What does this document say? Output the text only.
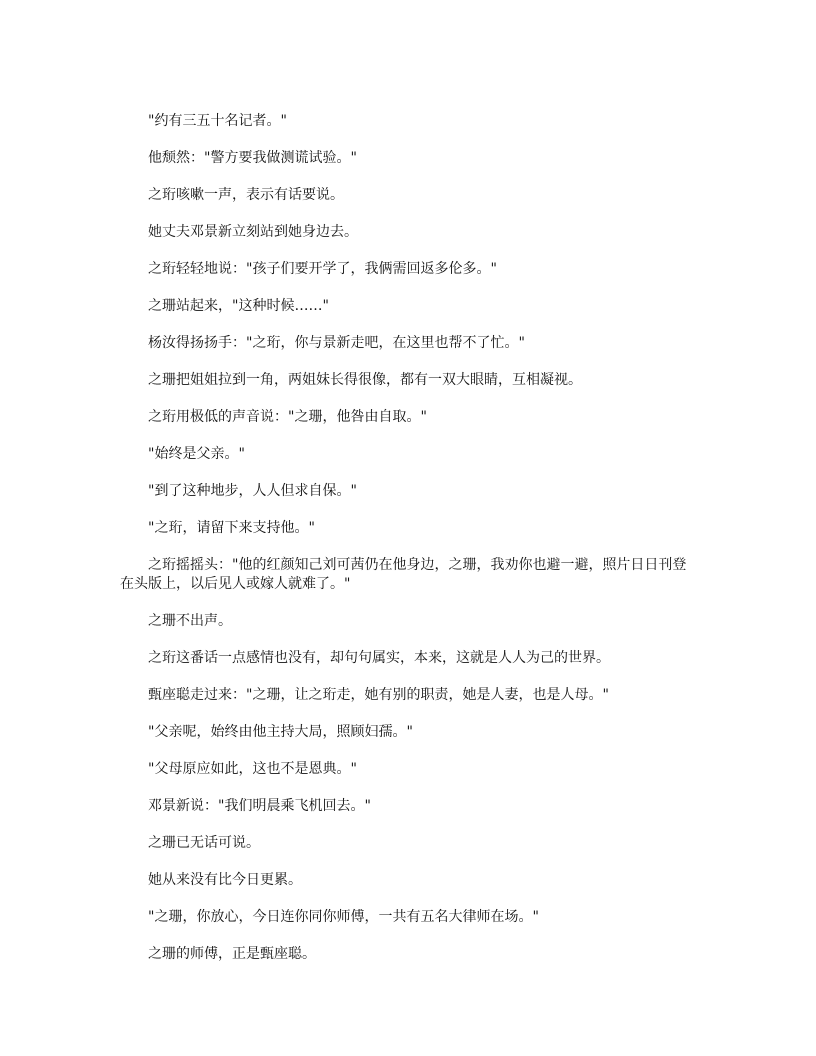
"约有三五十名记者。"

他颓然："警方要我做测谎试验。"

之珩咳嗽一声，表示有话要说。

她丈夫邓景新立刻站到她身边去。

之珩轻轻地说："孩子们要开学了，我俩需回返多伦多。"

之珊站起来，"这种时候……"

杨汝得扬扬手："之珩，你与景新走吧，在这里也帮不了忙。"

之珊把姐姐拉到一角，两姐妹长得很像，都有一双大眼睛，互相凝视。

之珩用极低的声音说："之珊，他咎由自取。"

"始终是父亲。"

"到了这种地步，人人但求自保。"

"之珩，请留下来支持他。"

之珩摇摇头："他的红颜知己刘可茜仍在他身边，之珊，我劝你也避一避，照片日日刊登在头版上，以后见人或嫁人就难了。"

之珊不出声。

之珩这番话一点感情也没有，却句句属实，本来，这就是人人为己的世界。

甄座聪走过来："之珊，让之珩走，她有别的职责，她是人妻，也是人母。"

"父亲呢，始终由他主持大局，照顾妇孺。"

"父母原应如此，这也不是恩典。"

邓景新说："我们明晨乘飞机回去。"

之珊已无话可说。

她从来没有比今日更累。

"之珊，你放心，今日连你同你师傅，一共有五名大律师在场。"

之珊的师傅，正是甄座聪。
